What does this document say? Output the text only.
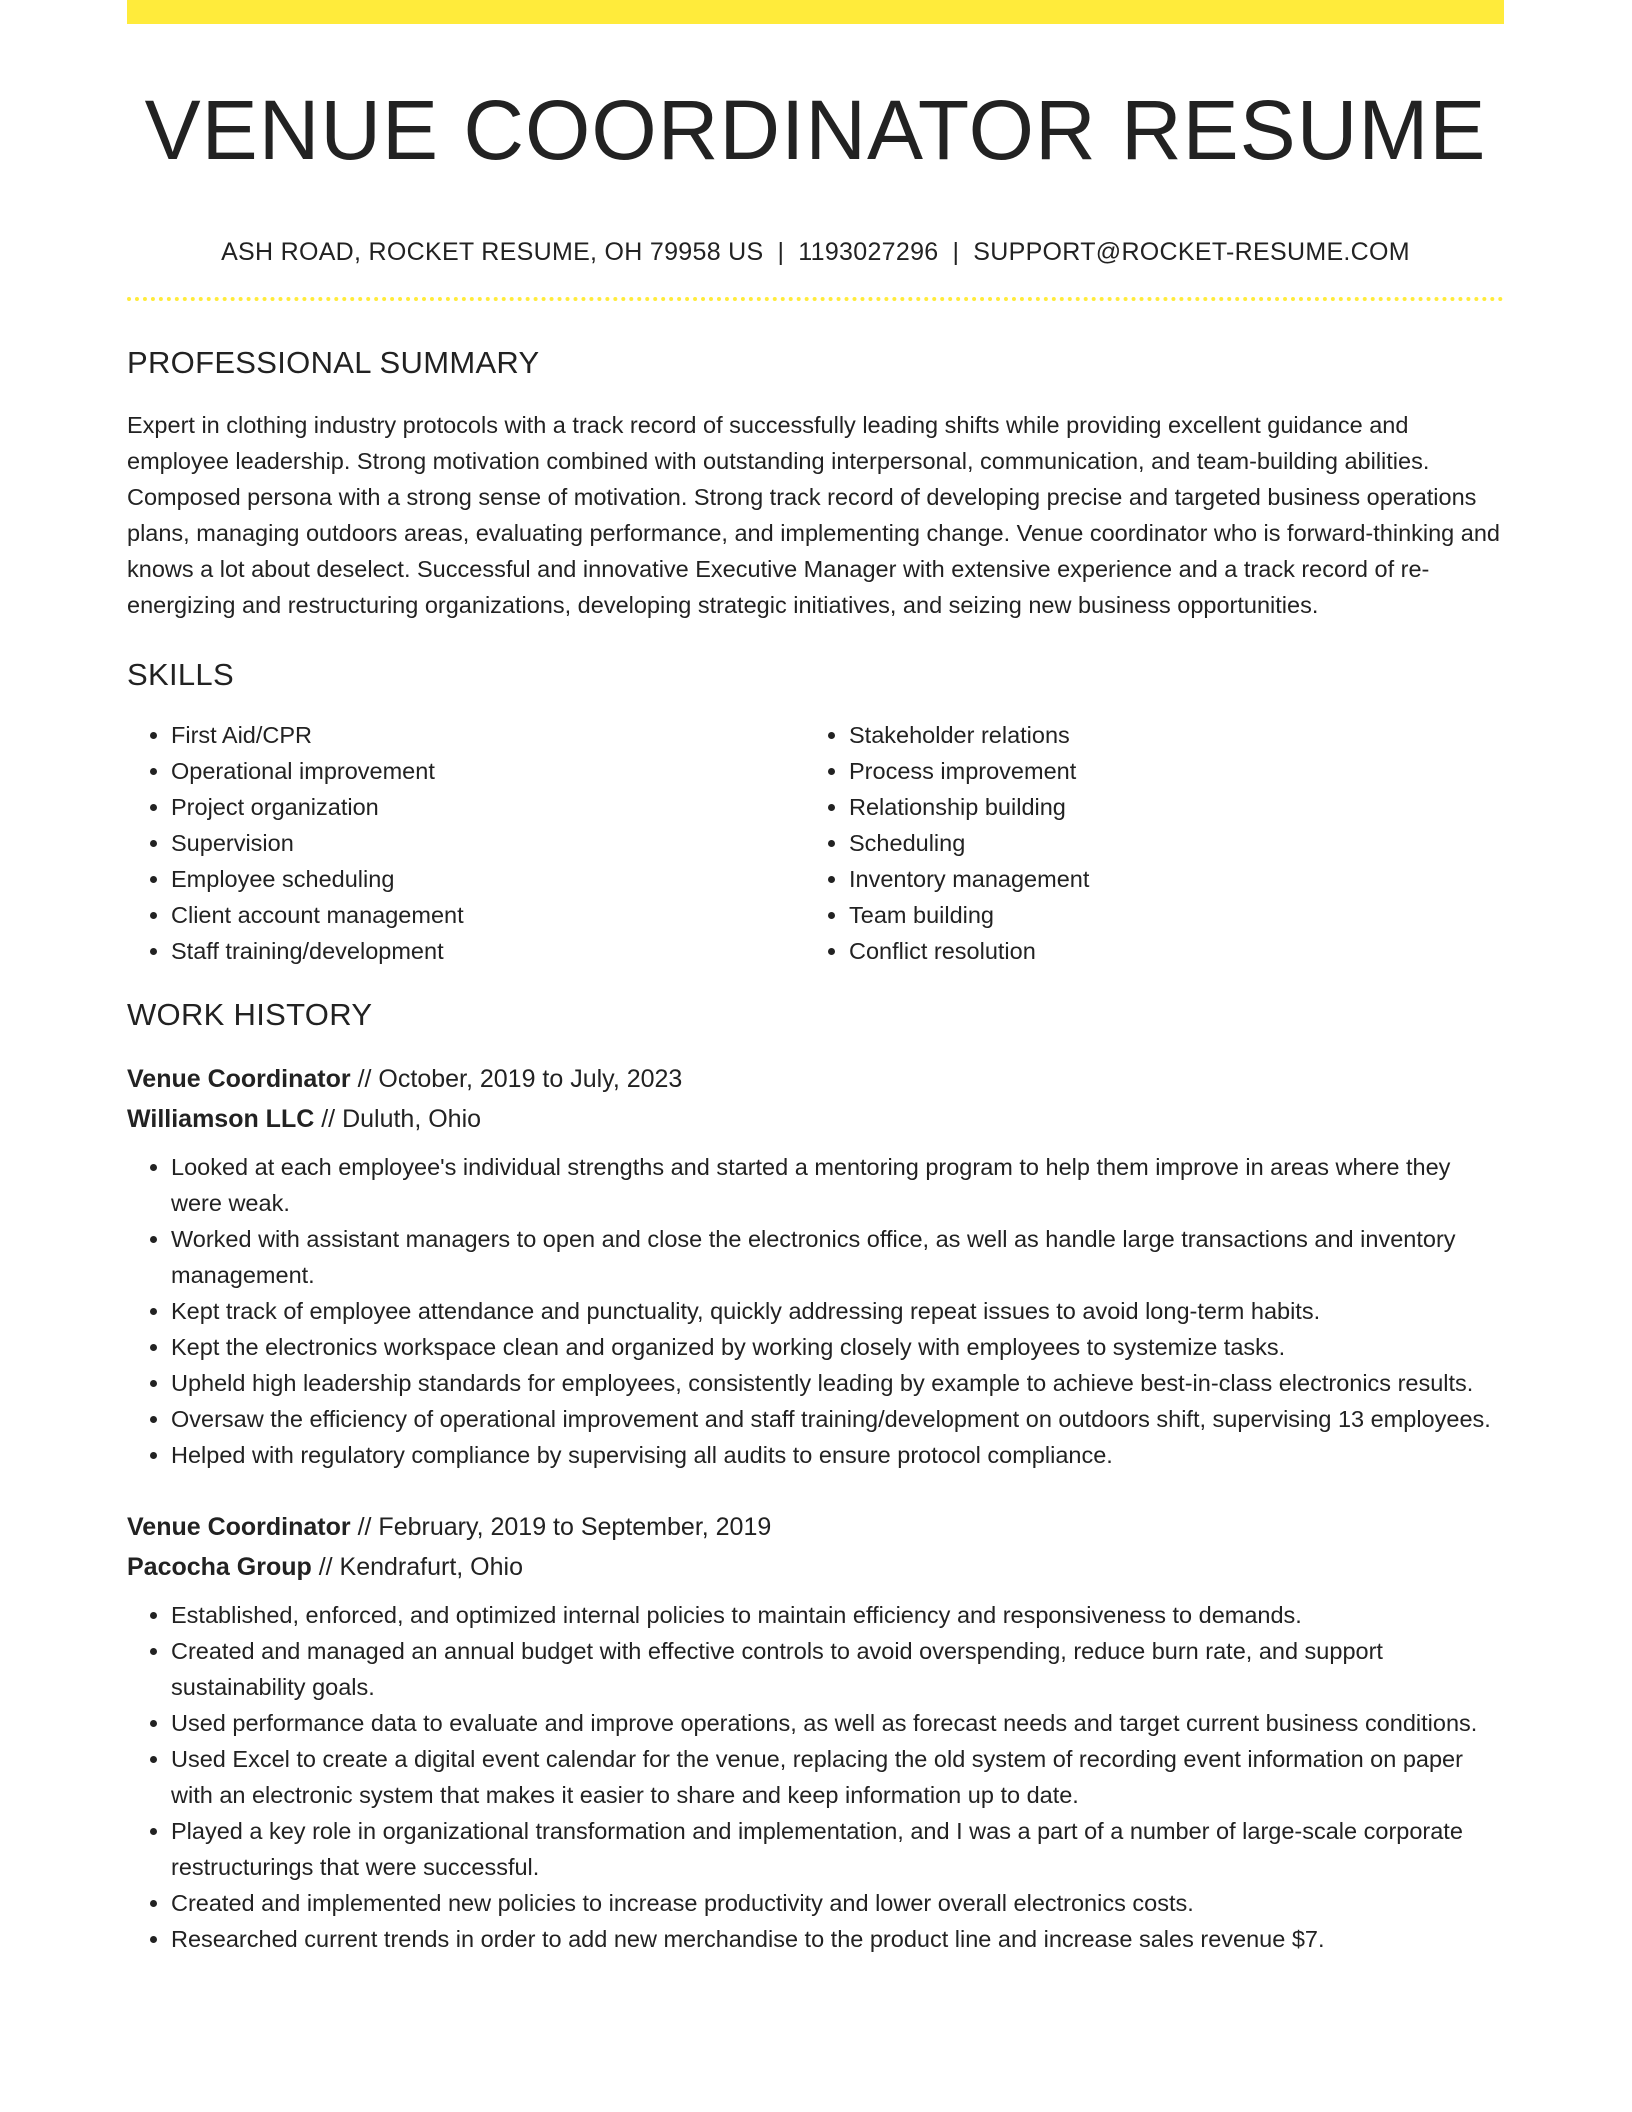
VENUE COORDINATOR RESUME
ASH ROAD, ROCKET RESUME, OH 79958 US | 1193027296 | SUPPORT@ROCKET-RESUME.COM
PROFESSIONAL SUMMARY

Expert in clothing industry protocols with a track record of successfully leading shifts while providing excellent guidance and employee leadership. Strong motivation combined with outstanding interpersonal, communication, and team-building abilities. Composed persona with a strong sense of motivation. Strong track record of developing precise and targeted business operations plans, managing outdoors areas, evaluating performance, and implementing change. Venue coordinator who is forward-thinking and knows a lot about deselect. Successful and innovative Executive Manager with extensive experience and a track record of re-energizing and restructuring organizations, developing strategic initiatives, and seizing new business opportunities.

SKILLS
• First Aid/CPR
• Operational improvement
• Project organization
• Supervision
• Employee scheduling
• Client account management
• Staff training/development
• Stakeholder relations
• Process improvement
• Relationship building
• Scheduling
• Inventory management
• Team building
• Conflict resolution
WORK HISTORY
Venue Coordinator // October, 2019 to July, 2023
Williamson LLC // Duluth, Ohio
• Looked at each employee's individual strengths and started a mentoring program to help them improve in areas where they were weak.
• Worked with assistant managers to open and close the electronics office, as well as handle large transactions and inventory management.
• Kept track of employee attendance and punctuality, quickly addressing repeat issues to avoid long-term habits.
• Kept the electronics workspace clean and organized by working closely with employees to systemize tasks.
• Upheld high leadership standards for employees, consistently leading by example to achieve best-in-class electronics results.
• Oversaw the efficiency of operational improvement and staff training/development on outdoors shift, supervising 13 employees.
• Helped with regulatory compliance by supervising all audits to ensure protocol compliance.
Venue Coordinator // February, 2019 to September, 2019
Pacocha Group // Kendrafurt, Ohio
• Established, enforced, and optimized internal policies to maintain efficiency and responsiveness to demands.
• Created and managed an annual budget with effective controls to avoid overspending, reduce burn rate, and support sustainability goals.
• Used performance data to evaluate and improve operations, as well as forecast needs and target current business conditions.
• Used Excel to create a digital event calendar for the venue, replacing the old system of recording event information on paper with an electronic system that makes it easier to share and keep information up to date.
• Played a key role in organizational transformation and implementation, and I was a part of a number of large-scale corporate restructurings that were successful.
• Created and implemented new policies to increase productivity and lower overall electronics costs.
• Researched current trends in order to add new merchandise to the product line and increase sales revenue $7.
